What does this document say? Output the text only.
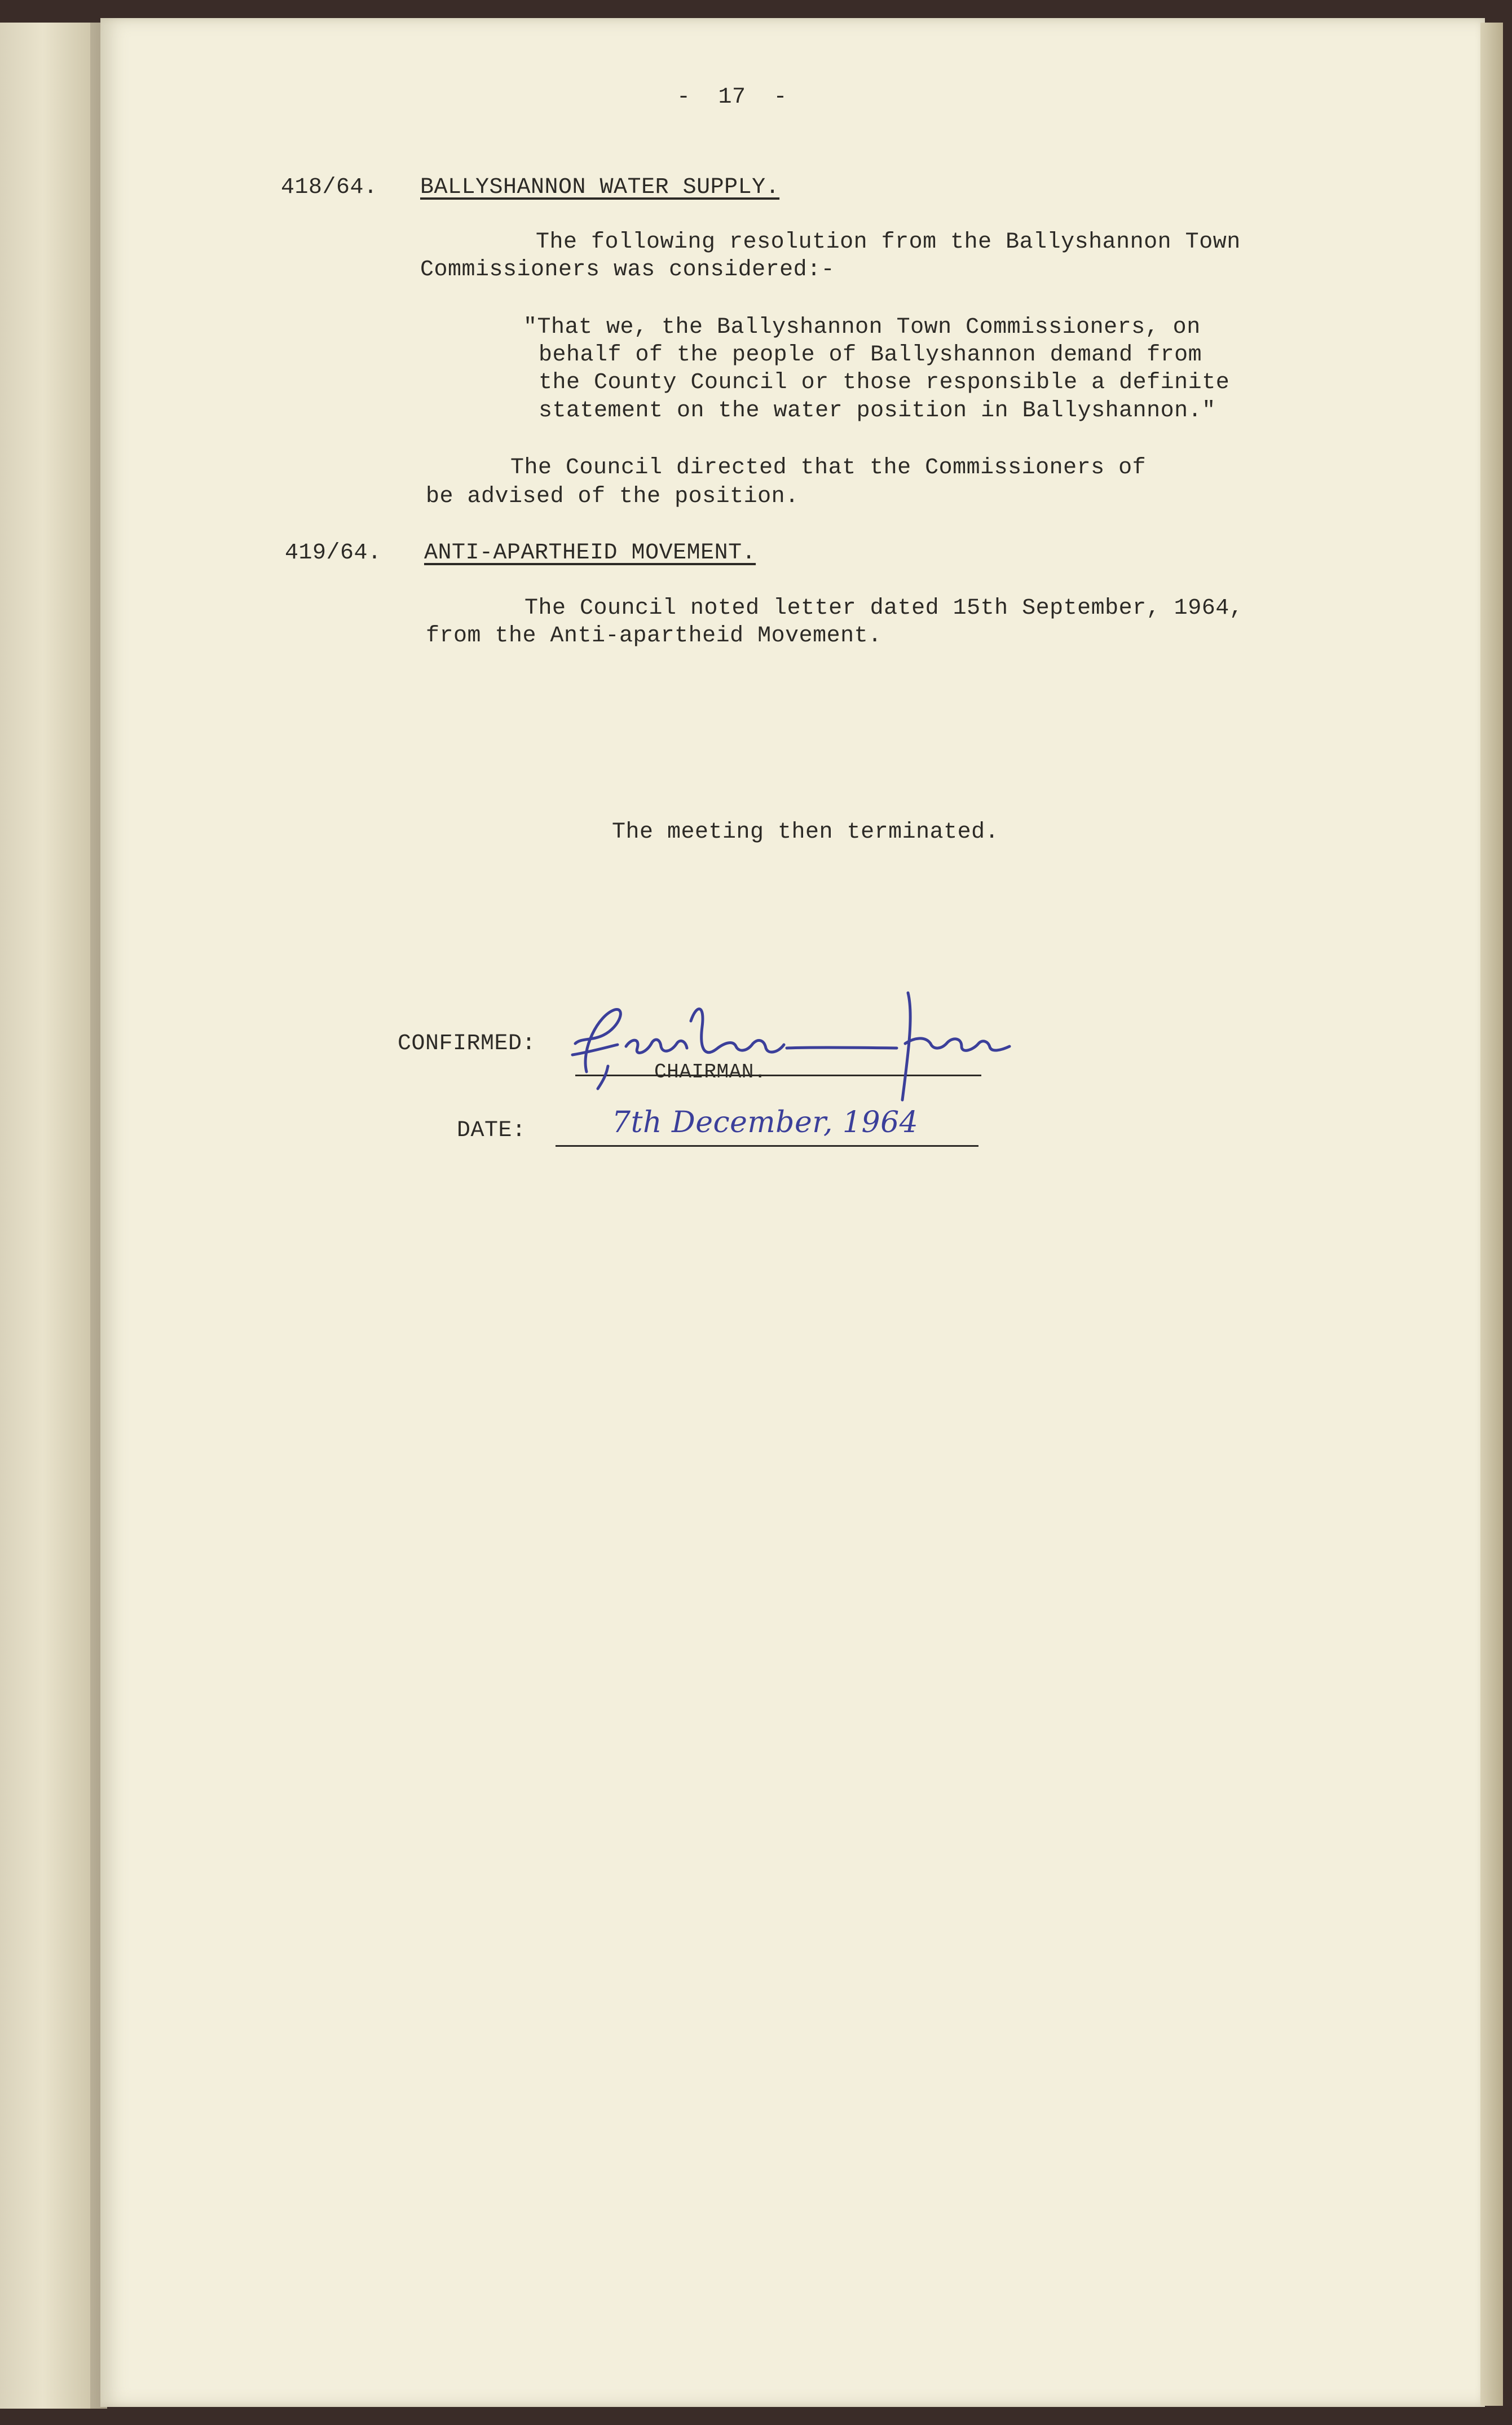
-  17  -
418/64. BALLYSHANNON WATER SUPPLY.
The following resolution from the Ballyshannon Town
Commissioners was considered:-
"That we, the Ballyshannon Town Commissioners, on
behalf of the people of Ballyshannon demand from
the County Council or those responsible a definite
statement on the water position in Ballyshannon."
The Council directed that the Commissioners of
be advised of the position.
419/64. ANTI-APARTHEID MOVEMENT.
The Council noted letter dated 15th September, 1964,
from the Anti-apartheid Movement.
The meeting then terminated.
CONFIRMED:
CHAIRMAN.
DATE:	7th December, 1964
